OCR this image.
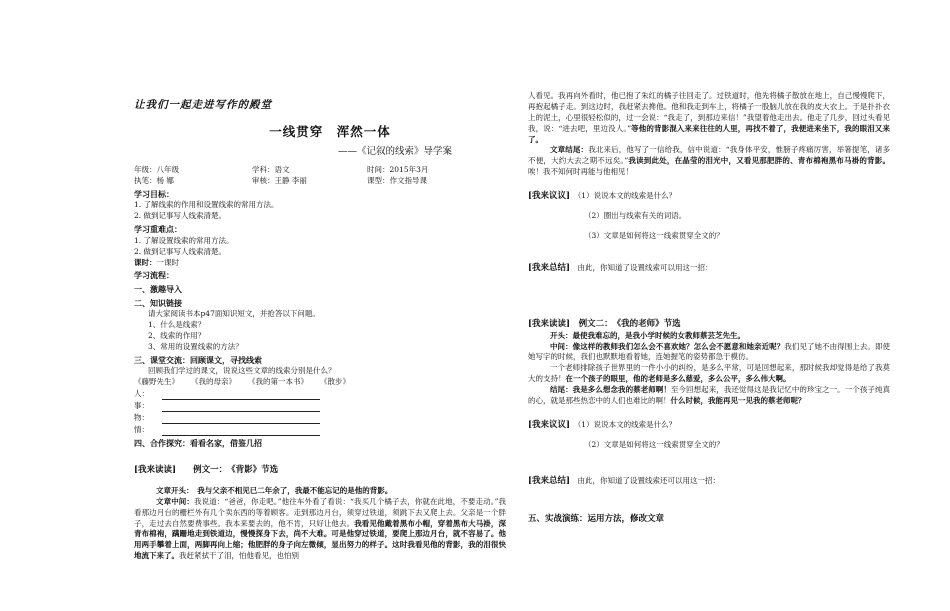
让我们一起走进写作的殿堂
一线贯穿　浑然一体
——《记叙的线索》导学案
年级：八年级	学科：语文	时间：2015年3月
执笔：杨 娜	审核：王静 李丽	课型：作文指导课
学习目标：
1. 了解线索的作用和设置线索的常用方法。
2. 做到记事写人线索清楚。
学习重难点：
1. 了解设置线索的常用方法。
2. 做到记事写人线索清楚。
课时：一课时
学习流程：
一、激趣导入
二、知识链接
请大家阅读书本p47面知识短文，并抢答以下问题。
1、什么是线索？
2、线索的作用？
3、常用的设置线索的方法？
三、课堂交流：回顾课文，寻找线索
回顾我们学过的课文，说说这些文章的线索分别是什么？
《藤野先生》 《我的母亲》 《我的第一本书》 《散步》
人：
事：
物：
情：
四、合作探究：看看名家，借鉴几招
[我来读读]　　 例文一：　《背影》节选
文章开头：　 我与父亲不相见已二年余了，我最不能忘记的是他的背影。
文章中间：我说道：“爸爸，你走吧。”他往车外看了看说：“我买几个橘子去，你就在此地，不要走动。”我看那边月台的栅栏外有几个卖东西的等着顾客。走到那边月台，须穿过铁道，须跳下去又爬上去。父亲是一个胖子，走过去自然要费事些。我本来要去的，他不肯，只好让他去。我看见他戴着黑布小帽，穿着黑布大马褂，深青布棉袍，蹒跚地走到铁道边，慢慢探身下去，尚不大难。可是他穿过铁道，要爬上那边月台，就不容易了。他用两手攀着上面，两脚再向上缩；他肥胖的身子向左微倾，显出努力的样子。这时我看见他的背影，我的泪很快地流下来了。我赶紧拭干了泪，怕他看见，也怕别
人看见。我再向外看时，他已抱了朱红的橘子往回走了。过铁道时，他先将橘子散放在地上，自己慢慢爬下，再抱起橘子走。到这边时，我赶紧去搀他。他和我走到车上，将橘子一股脑儿放在我的皮大衣上。于是扑扑衣上的泥土，心里很轻松似的，过一会说：“我走了，到那边来信！”我望着他走出去。他走了几步，回过头看见我，说：“进去吧，里边没人。”等他的背影混入来来往往的人里，再找不着了，我便进来坐下，我的眼泪又来了。
文章结尾：我北来后，他写了一信给我，信中说道：“我身体平安，惟膀子疼痛厉害，举箸提笔，诸多不便，大约大去之期不远矣。”我读到此处，在晶莹的泪光中，又看见那肥胖的、青布棉袍黑布马褂的背影。唉！我不知何时再能与他相见！
[我来议议]　 （1）说说本文的线索是什么？
（2）圈出与线索有关的词语。
（3）文章是如何将这一线索贯穿全文的？
[我来总结]　 由此，你知道了设置线索可以用这一招：
[我来读读]　 例文二：　《我的老师》节选
开头：最使我难忘的，是我小学时候的女教师蔡芸芝先生。
中间：像这样的教师我们怎么会不喜欢她？怎么会不愿意和她亲近呢？我们见了她不由得围上去。即使她写字的时候，我们也默默地看着她，连她握笔的姿势都急于模仿。
一个老师排除孩子世界里的一件小小的纠纷，是多么平常，可是回想起来，那时候我却觉得是给了我莫大的支持！在一个孩子的眼里，他的老师是多么慈爱，多么公平，多么伟大啊。
结尾：我是多么想念我的蔡老师啊！至今回想起来，我还觉得这是我记忆中的珍宝之一。一个孩子纯真的心，就是那些热恋中的人们也难比的啊！什么时候，我能再见一见我的蔡老师呢？
[我来议议]　 （1）说说本文的线索是什么？
（2）文章是如何将这一线索贯穿全文的？
[我来总结]　 由此，你知道了设置线索还可以用这一招：
五、实战演练：运用方法，修改文章
